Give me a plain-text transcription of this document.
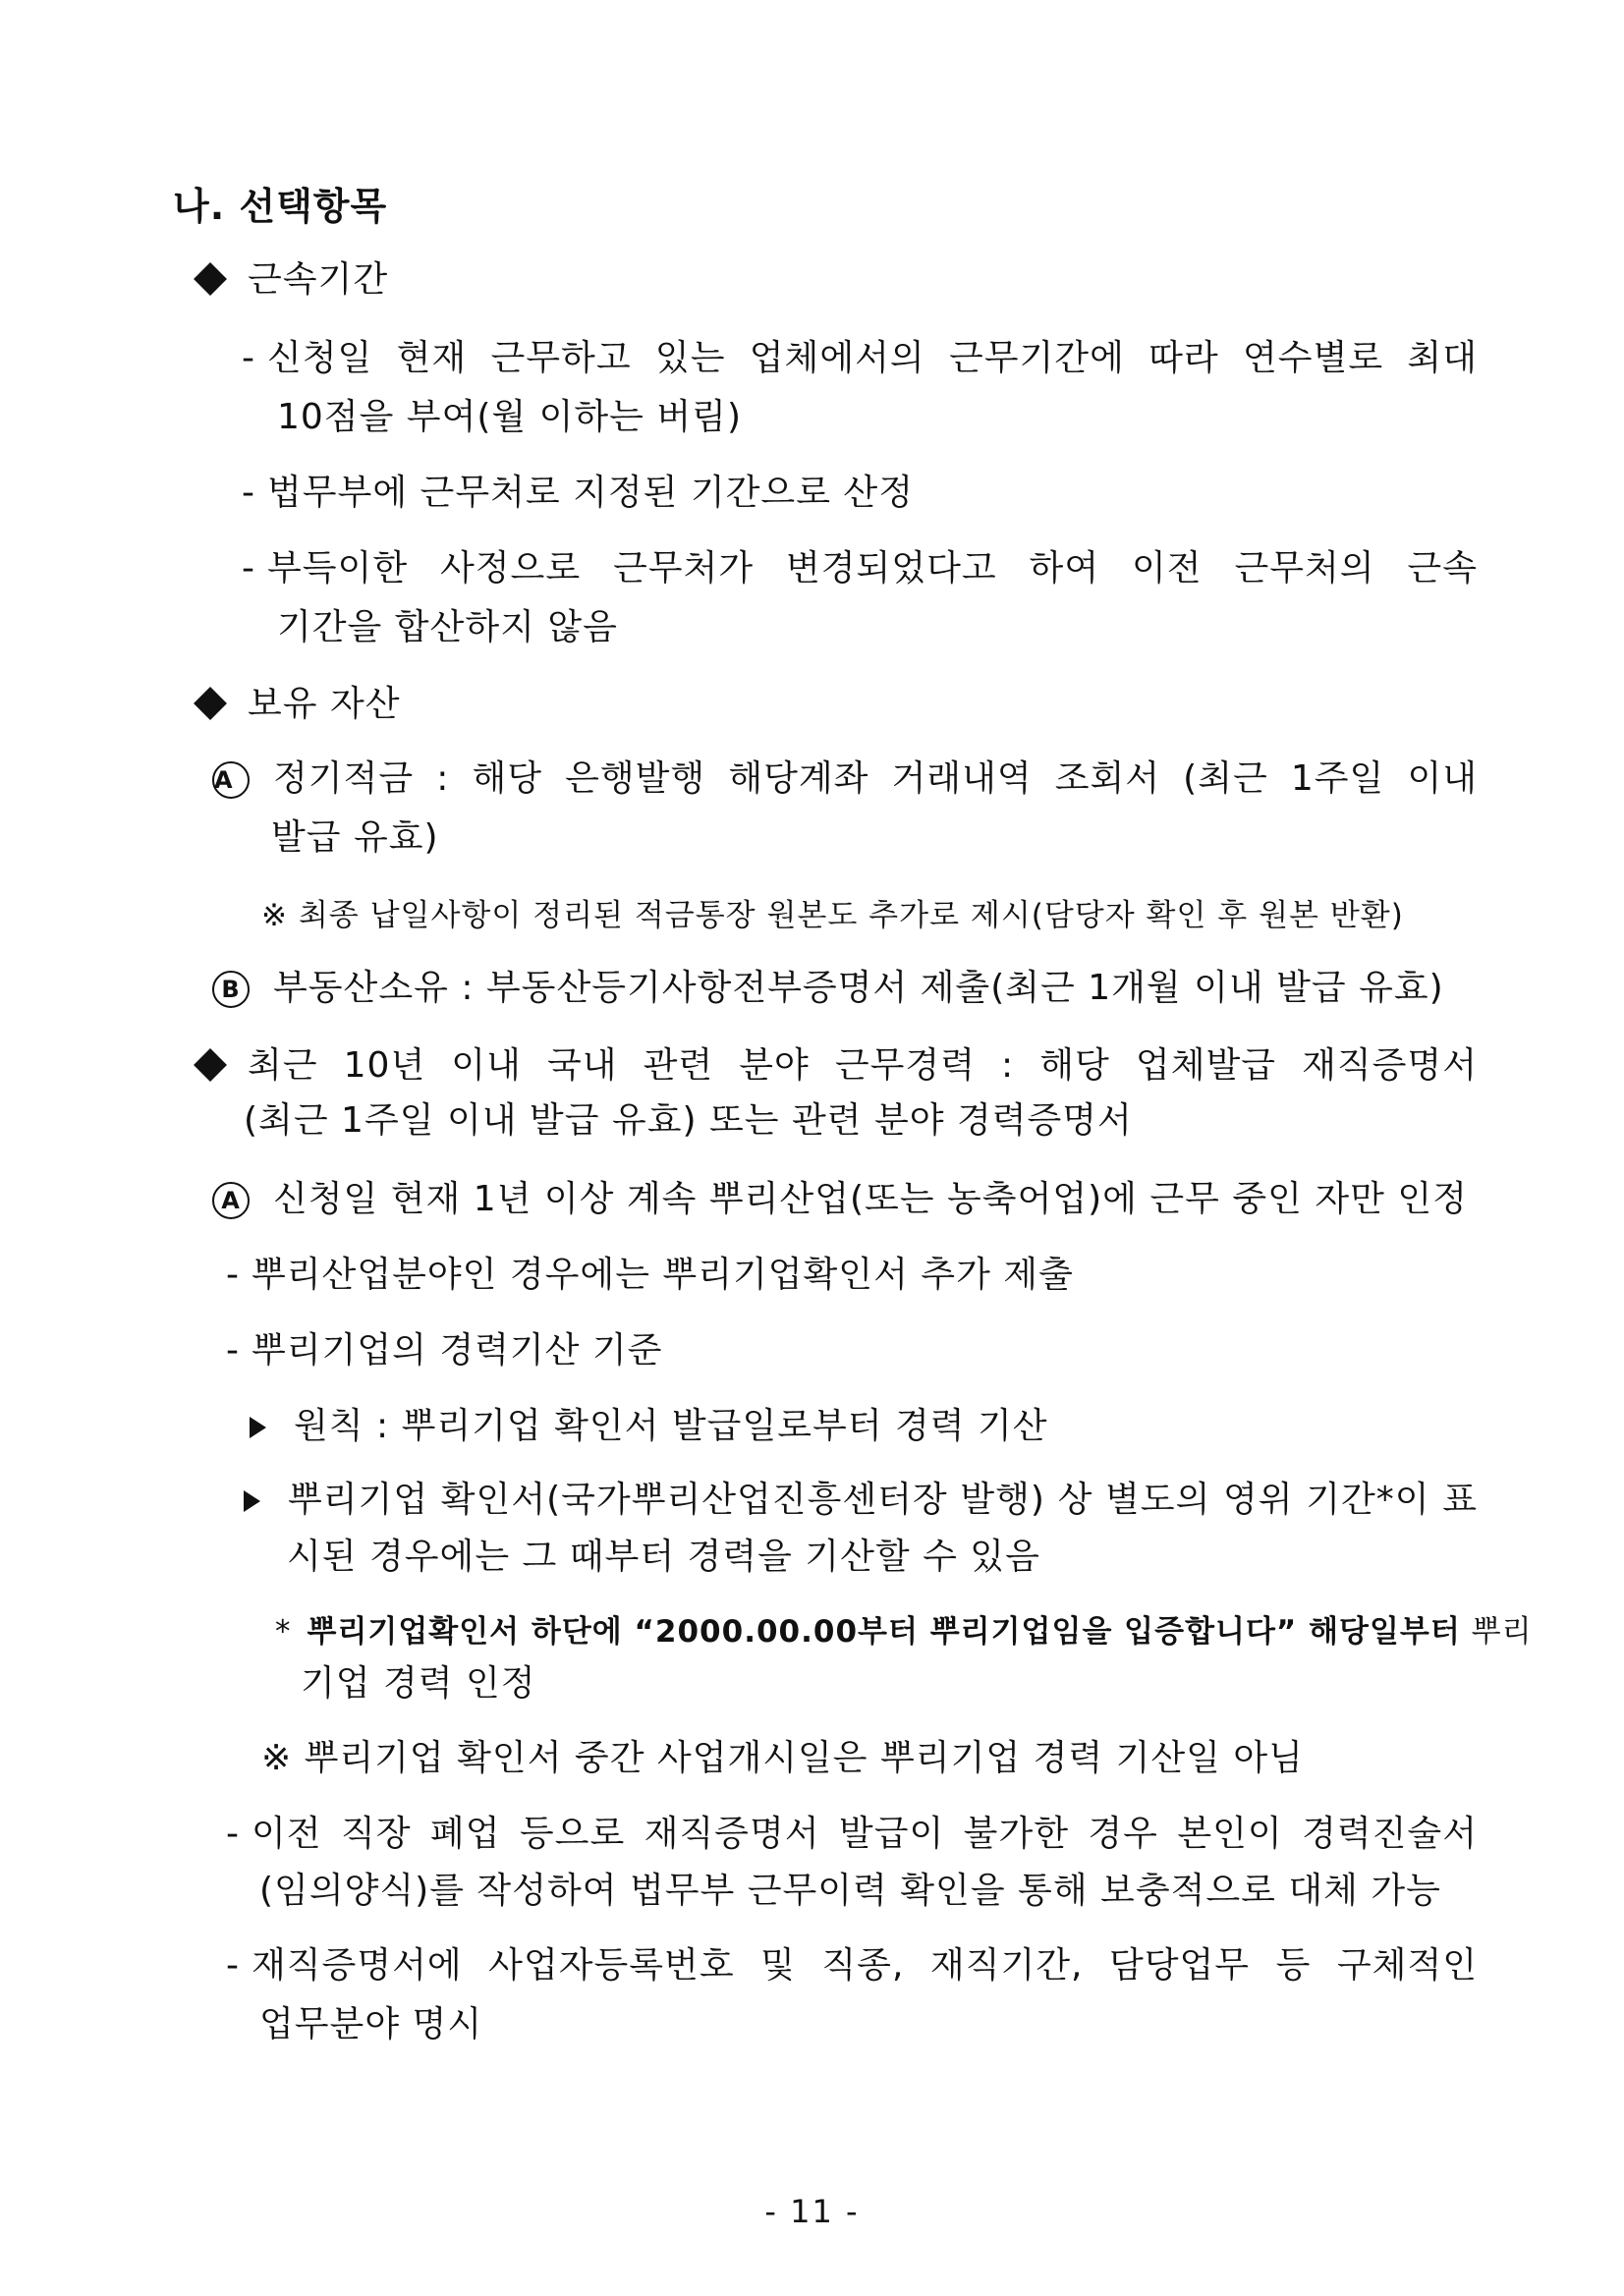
나. 선택항목
근속기간
- 신청일 현재 근무하고 있는 업체에서의 근무기간에 따라 연수별로 최대
10점을 부여(월 이하는 버림)
- 법무부에 근무처로 지정된 기간으로 산정
- 부득이한 사정으로 근무처가 변경되었다고 하여 이전 근무처의 근속
기간을 합산하지 않음
보유 자산
A 정기적금 : 해당 은행발행 해당계좌 거래내역 조회서 (최근 1주일 이내
발급 유효)
※ 최종 납일사항이 정리된 적금통장 원본도 추가로 제시(담당자 확인 후 원본 반환)
B 부동산소유 : 부동산등기사항전부증명서 제출(최근 1개월 이내 발급 유효)
최근 10년 이내 국내 관련 분야 근무경력 : 해당 업체발급 재직증명서
(최근 1주일 이내 발급 유효) 또는 관련 분야 경력증명서
A 신청일 현재 1년 이상 계속 뿌리산업(또는 농축어업)에 근무 중인 자만 인정
- 뿌리산업분야인 경우에는 뿌리기업확인서 추가 제출
- 뿌리기업의 경력기산 기준
원칙 : 뿌리기업 확인서 발급일로부터 경력 기산
뿌리기업 확인서(국가뿌리산업진흥센터장 발행) 상 별도의 영위 기간*이 표
시된 경우에는 그 때부터 경력을 기산할 수 있음
* 뿌리기업확인서 하단에 “2000.00.00부터 뿌리기업임을 입증합니다” 해당일부터 뿌리
기업 경력 인정
※ 뿌리기업 확인서 중간 사업개시일은 뿌리기업 경력 기산일 아님
- 이전 직장 폐업 등으로 재직증명서 발급이 불가한 경우 본인이 경력진술서
(임의양식)를 작성하여 법무부 근무이력 확인을 통해 보충적으로 대체 가능
- 재직증명서에 사업자등록번호 및 직종, 재직기간, 담당업무 등 구체적인
업무분야 명시
- 11 -
